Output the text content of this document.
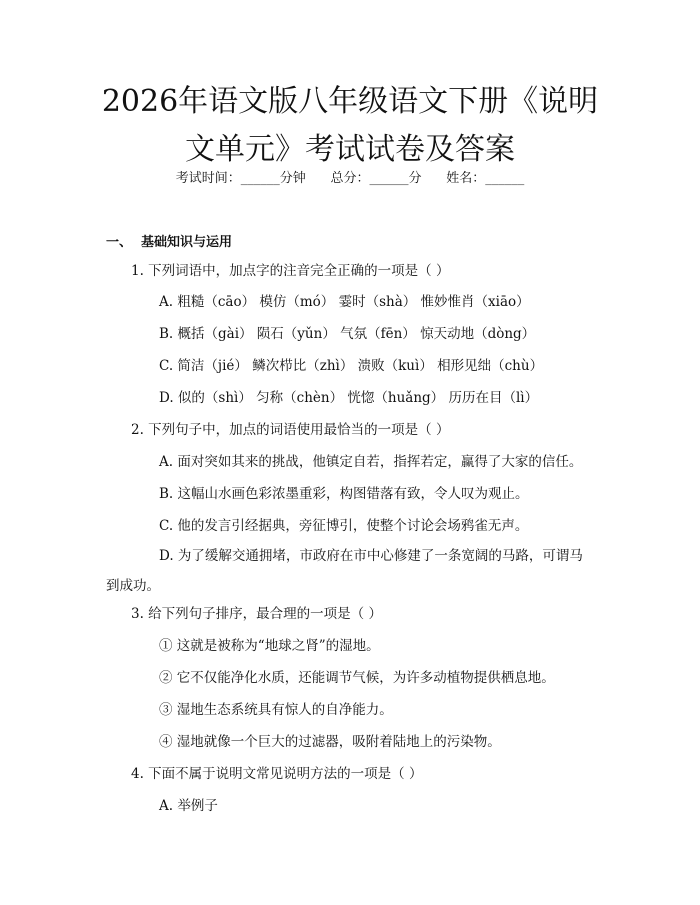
2026年语文版八年级语文下册《说明文单元》考试试卷及答案
考试时间：______分钟      总分：______分      姓名：______
一、  基础知识与运用
1. 下列词语中，加点字的注音完全正确的一项是（ ）
A. 粗糙（cāo） 模仿（mó） 霎时（shà） 惟妙惟肖（xiāo）
B. 概括（gài） 陨石（yǔn） 气氛（fēn） 惊天动地（dòng）
C. 简洁（jié） 鳞次栉比（zhì） 溃败（kuì） 相形见绌（chù）
D. 似的（shì） 匀称（chèn） 恍惚（huǎng） 历历在目（lì）
2. 下列句子中，加点的词语使用最恰当的一项是（ ）
A. 面对突如其来的挑战，他镇定自若，指挥若定，赢得了大家的信任。
B. 这幅山水画色彩浓墨重彩，构图错落有致，令人叹为观止。
C. 他的发言引经据典，旁征博引，使整个讨论会场鸦雀无声。
D. 为了缓解交通拥堵，市政府在市中心修建了一条宽阔的马路，可谓马到成功。
3. 给下列句子排序，最合理的一项是（ ）
① 这就是被称为“地球之肾”的湿地。
② 它不仅能净化水质，还能调节气候，为许多动植物提供栖息地。
③ 湿地生态系统具有惊人的自净能力。
④ 湿地就像一个巨大的过滤器，吸附着陆地上的污染物。
4. 下面不属于说明文常见说明方法的一项是（ ）
A. 举例子
